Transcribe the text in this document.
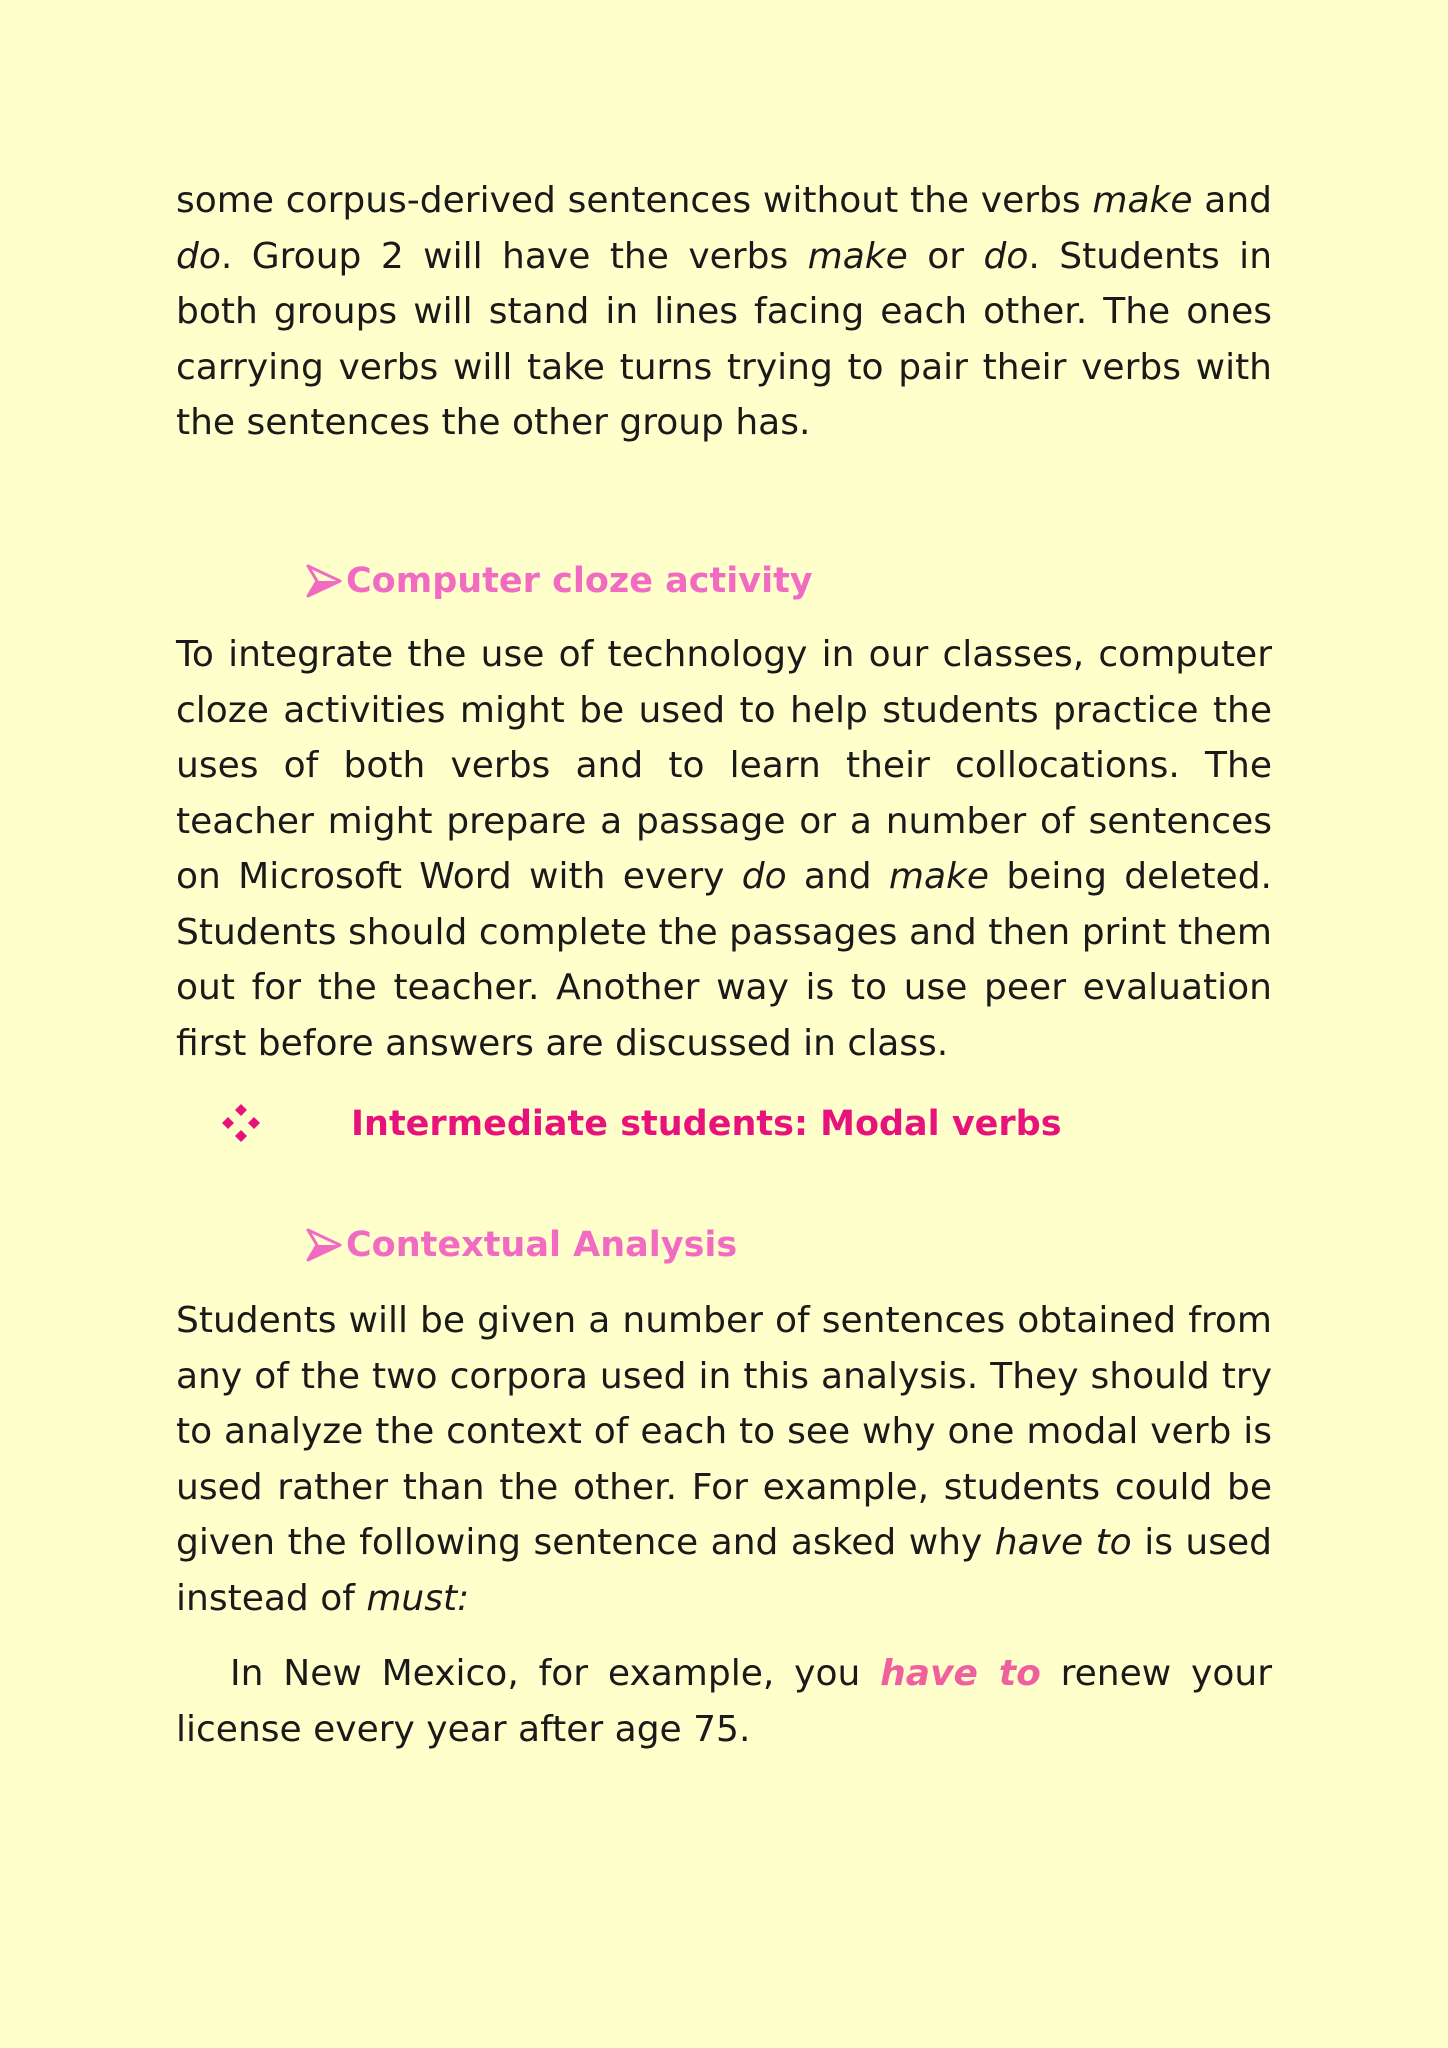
some corpus-derived sentences without the verbs make and do. Group 2 will have the verbs make or do. Students in both groups will stand in lines facing each other. The ones carrying verbs will take turns trying to pair their verbs with the sentences the other group has.

Computer cloze activity

To integrate the use of technology in our classes, computer cloze activities might be used to help students practice the uses of both verbs and to learn their collocations. The teacher might prepare a passage or a number of sentences on Microsoft Word with every do and make being deleted. Students should complete the passages and then print them out for the teacher. Another way is to use peer evaluation first before answers are discussed in class.

Intermediate students: Modal verbs
Contextual Analysis

Students will be given a number of sentences obtained from any of the two corpora used in this analysis. They should try to analyze the context of each to see why one modal verb is used rather than the other. For example, students could be given the following sentence and asked why have to is used instead of must:

In New Mexico, for example, you have to renew your license every year after age 75.
